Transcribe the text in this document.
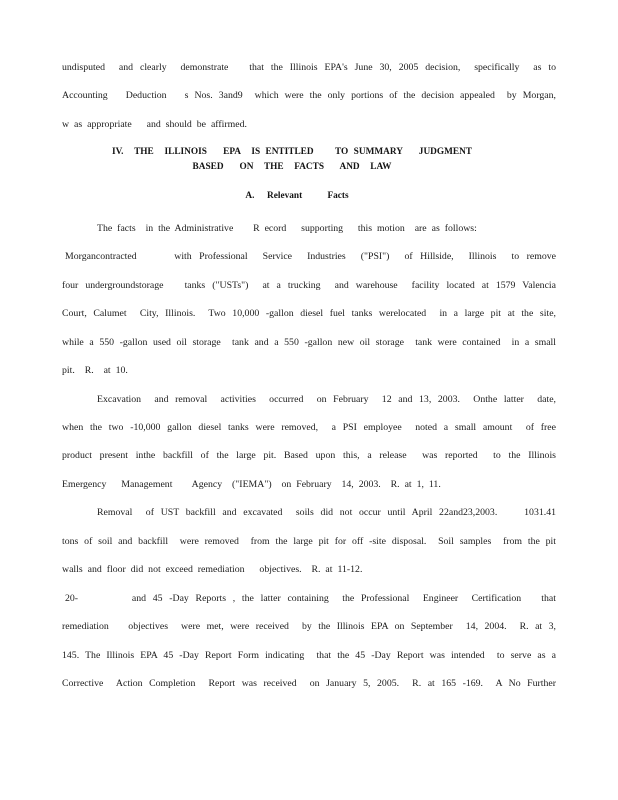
undisputed  and clearly  demonstrate   that the Illinois EPA's June 30, 2005 decision,  specifically  as to
Accounting   Deduction   s Nos. 3and9  which were the only portions of the decision appealed  by Morgan,
w as appropriate   and should be affirmed.
IV.  THE  ILLINOIS   EPA  IS ENTITLED    TO SUMMARY   JUDGMENT
BASED   ON  THE  FACTS   AND  LAW
A.  Relevant    Facts
The facts  in the Administrative    R ecord   supporting   this motion  are as follows:
Morgancontracted     with Professional  Service  Industries  ("PSI")  of Hillside,  Illinois  to remove
four undergroundstorage   tanks ("USTs")  at a trucking  and warehouse  facility located at 1579 Valencia
Court, Calumet  City, Illinois.  Two 10,000 -gallon diesel fuel tanks werelocated  in a large pit at the site,
while a 550 -gallon used oil storage  tank and a 550 -gallon new oil storage  tank were contained  in a small
pit.  R.  at 10.
Excavation  and removal  activities  occurred  on February  12 and 13, 2003.  Onthe latter  date,
when the two -10,000 gallon diesel tanks were removed,  a PSI employee  noted a small amount  of free
product present inthe backfill of the large pit. Based upon this, a release  was reported  to the Illinois
Emergency   Management    Agency  ("IEMA")  on February  14, 2003.  R. at 1, 11.
Removal  of UST backfill and excavated  soils did not occur until April 22and23,2003.    1031.41
tons of soil and backfill  were removed  from the large pit for off -site disposal.  Soil samples  from the pit
walls and floor did not exceed remediation   objectives.  R. at 11-12.
20-        and 45 -Day Reports , the latter containing  the Professional  Engineer  Certification   that
remediation   objectives  were met, were received  by the Illinois EPA on September  14, 2004.  R. at 3,
145. The Illinois EPA 45 -Day Report Form indicating  that the 45 -Day Report was intended  to serve as a
Corrective  Action Completion  Report was received  on January 5, 2005.  R. at 165 -169.  A No Further
